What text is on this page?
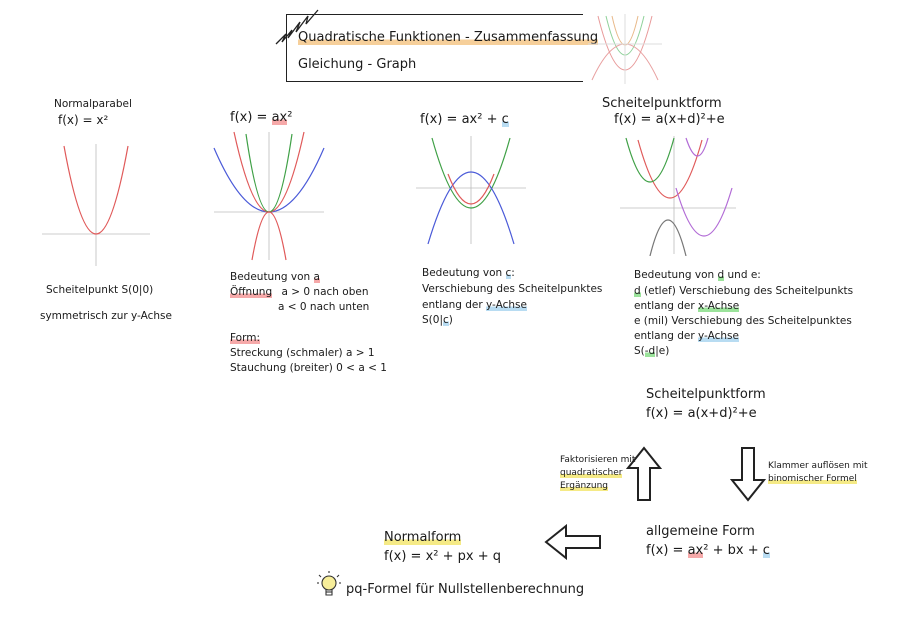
Quadratische Funktionen - Zusammenfassung
Gleichung - Graph
Normalparabel
f(x) = x²
Scheitelpunkt S(0|0)
symmetrisch zur y-Achse
f(x) = ax²
Bedeutung von a
Öffnung a > 0 nach oben
a < 0 nach unten
Form:
Streckung (schmaler) a > 1
Stauchung (breiter) 0 < a < 1
f(x) = ax² + c
Bedeutung von c:
Verschiebung des Scheitelpunktes
entlang der y-Achse
S(0|c)
Scheitelpunktform
f(x) = a(x+d)²+e
Bedeutung von d und e:
d (etlef) Verschiebung des Scheitelpunkts
entlang der x-Achse
e (mil) Verschiebung des Scheitelpunktes
entlang der y-Achse
S(-d|e)
Scheitelpunktform
f(x) = a(x+d)²+e
Faktorisieren mit
quadratischer
Ergänzung
Klammer auflösen mit
binomischer Formel
allgemeine Form
f(x) = ax² + bx + c
Normalform
f(x) = x² + px + q
pq-Formel für Nullstellenberechnung
